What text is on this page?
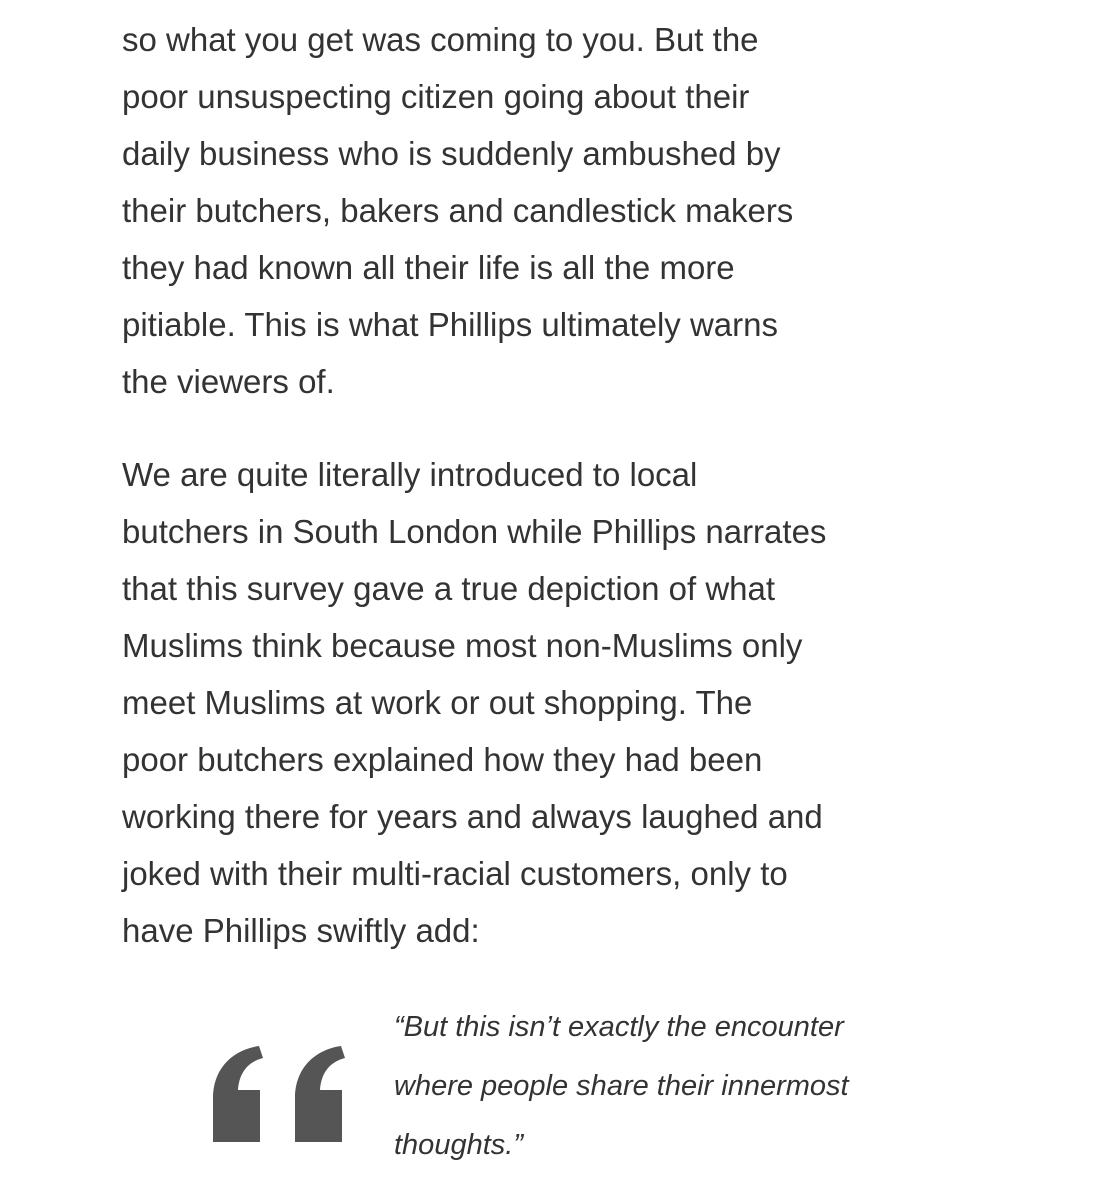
so what you get was coming to you. But the
poor unsuspecting citizen going about their
daily business who is suddenly ambushed by
their butchers, bakers and candlestick makers
they had known all their life is all the more
pitiable. This is what Phillips ultimately warns
the viewers of.

We are quite literally introduced to local
butchers in South London while Phillips narrates
that this survey gave a true depiction of what
Muslims think because most non-Muslims only
meet Muslims at work or out shopping. The
poor butchers explained how they had been
working there for years and always laughed and
joked with their multi-racial customers, only to
have Phillips swiftly add:

“But this isn’t exactly the encounter
where people share their innermost
thoughts.”
